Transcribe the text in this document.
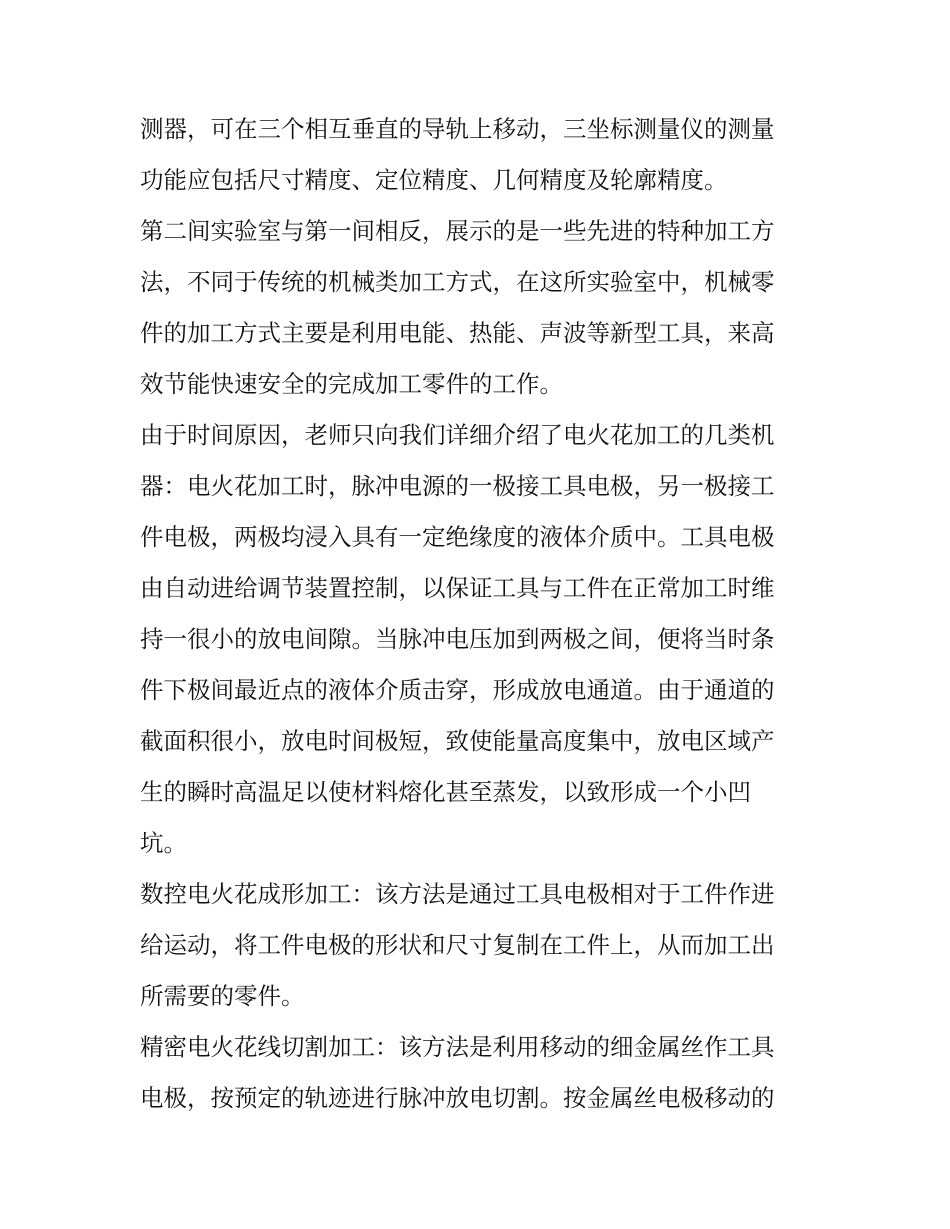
测器，可在三个相互垂直的导轨上移动，三坐标测量仪的测量
功能应包括尺寸精度、定位精度、几何精度及轮廓精度。
第二间实验室与第一间相反，展示的是一些先进的特种加工方
法，不同于传统的机械类加工方式，在这所实验室中，机械零
件的加工方式主要是利用电能、热能、声波等新型工具，来高
效节能快速安全的完成加工零件的工作。
由于时间原因，老师只向我们详细介绍了电火花加工的几类机
器：电火花加工时，脉冲电源的一极接工具电极，另一极接工
件电极，两极均浸入具有一定绝缘度的液体介质中。工具电极
由自动进给调节装置控制，以保证工具与工件在正常加工时维
持一很小的放电间隙。当脉冲电压加到两极之间，便将当时条
件下极间最近点的液体介质击穿，形成放电通道。由于通道的
截面积很小，放电时间极短，致使能量高度集中，放电区域产
生的瞬时高温足以使材料熔化甚至蒸发，以致形成一个小凹
坑。
数控电火花成形加工：该方法是通过工具电极相对于工件作进
给运动，将工件电极的形状和尺寸复制在工件上，从而加工出
所需要的零件。
精密电火花线切割加工：该方法是利用移动的细金属丝作工具
电极，按预定的轨迹进行脉冲放电切割。按金属丝电极移动的
